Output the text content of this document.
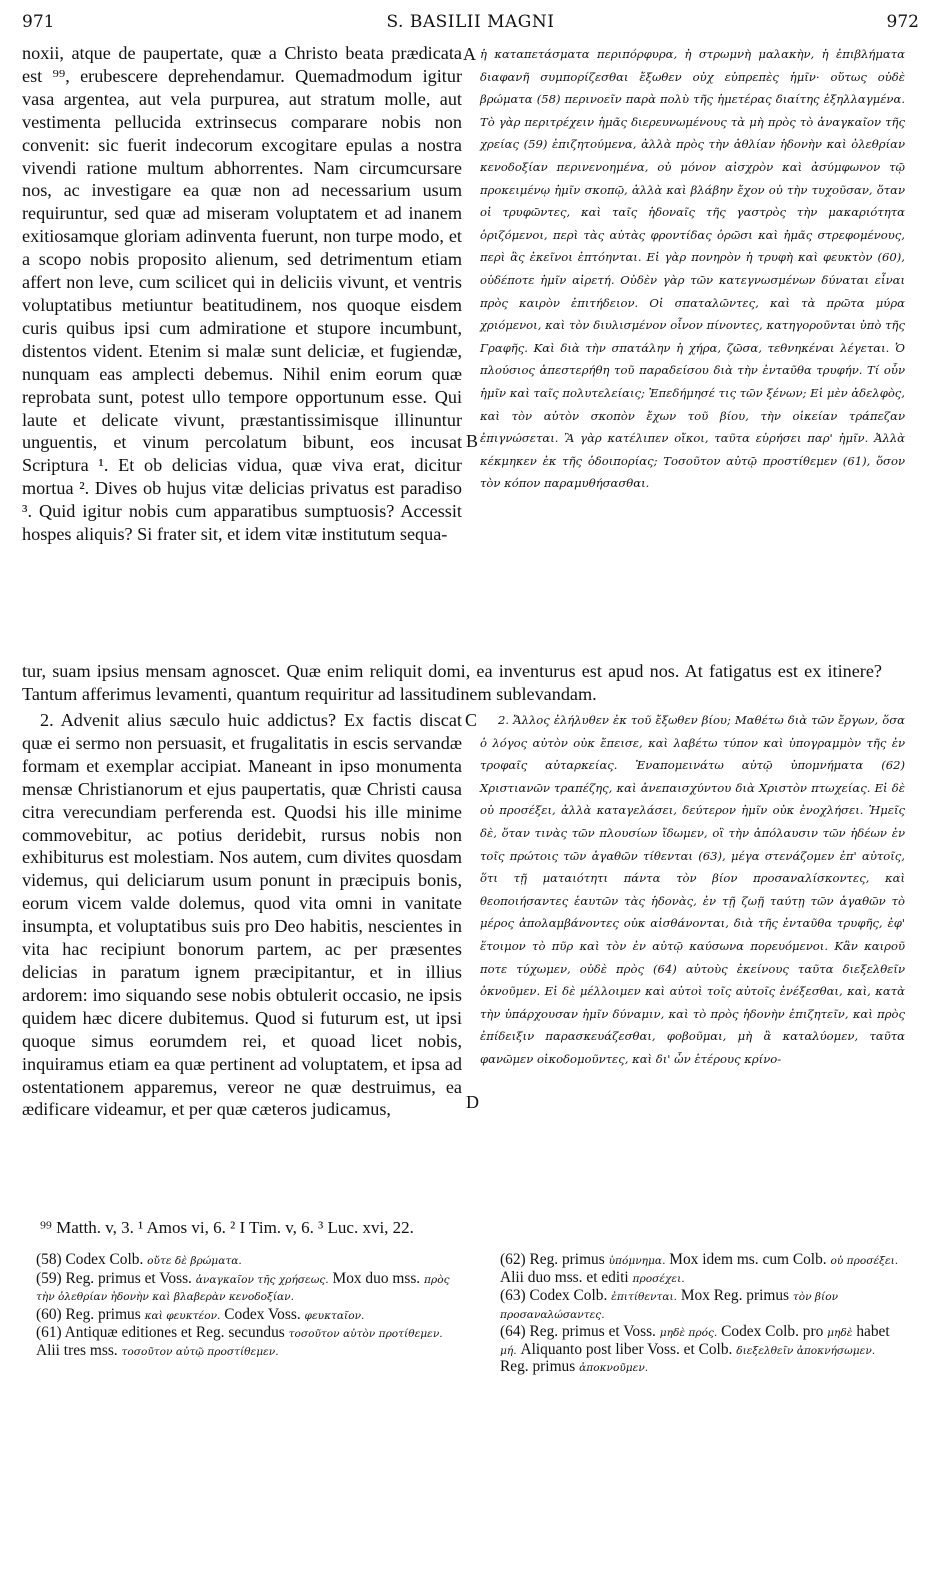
971	S. BASILII MAGNI	972

noxii, atque de paupertate, quæ a Christo beata prædicata est ⁹⁹, erubescere deprehendamur. Quemadmodum igitur vasa argentea, aut vela purpurea, aut stratum molle, aut vestimenta pellucida extrinsecus comparare nobis non convenit: sic fuerit indecorum excogitare epulas a nostra vivendi ratione multum abhorrentes. Nam circumcursare nos, ac investigare ea quæ non ad necessarium usum requiruntur, sed quæ ad miseram voluptatem et ad inanem exitiosamque gloriam adinventa fuerunt, non turpe modo, et a scopo nobis proposito alienum, sed detrimentum etiam affert non leve, cum scilicet qui in deliciis vivunt, et ventris voluptatibus metiuntur beatitudinem, nos quoque eisdem curis quibus ipsi cum admiratione et stupore incumbunt, distentos vident. Etenim si malæ sunt deliciæ, et fugiendæ, nunquam eas amplecti debemus. Nihil enim eorum quæ reprobata sunt, potest ullo tempore opportunum esse. Qui laute et delicate vivunt, præstantissimisque illinuntur unguentis, et vinum percolatum bibunt, eos incusat Scriptura ¹. Et ob delicias vidua, quæ viva erat, dicitur mortua ². Dives ob hujus vitæ delicias privatus est paradiso ³. Quid igitur nobis cum apparatibus sumptuosis? Accessit hospes aliquis? Si frater sit, et idem vitæ institutum sequa-

A ἡ καταπετάσματα περιπόρφυρα, ἡ στρωμνὴ μαλακὴν, ἡ ἐπιβλήματα διαφανῆ συμπορίζεσθαι ἔξωθεν οὐχ εὐπρεπὲς ἡμῖν· οὕτως οὐδὲ βρώματα (58) περινοεῖν παρὰ πολὺ τῆς ἡμετέρας διαίτης ἐξηλλαγμένα. Τὸ γὰρ περιτρέχειν ἡμᾶς διερευνωμένους τὰ μὴ πρὸς τὸ ἀναγκαῖον τῆς χρείας (59) ἐπιζητούμενα, ἀλλὰ πρὸς τὴν ἀθλίαν ἡδονὴν καὶ ὀλεθρίαν κενοδοξίαν περινενοημένα, οὐ μόνον αἰσχρὸν καὶ ἀσύμφωνον τῷ προκειμένῳ ἡμῖν σκοπῷ, ἀλλὰ καὶ βλάβην ἔχον οὐ τὴν τυχοῦσαν, ὅταν οἱ τρυφῶντες, καὶ ταῖς ἡδοναῖς τῆς γαστρὸς τὴν μακαριότητα ὁριζόμενοι, περὶ τὰς αὐτὰς φροντίδας ὁρῶσι καὶ ἡμᾶς στρεφομένους, περὶ ἃς ἐκεῖνοι ἐπτόηνται. Εἰ γὰρ πονηρὸν ἡ τρυφὴ καὶ φευκτὸν (60), οὐδέποτε ἡμῖν αἱρετή. Οὐδὲν γὰρ τῶν κατεγνωσμένων δύναται εἶναι πρὸς καιρὸν ἐπιτήδειον. Οἱ σπαταλῶντες, καὶ τὰ πρῶτα μύρα χριόμενοι, καὶ τὸν διυλισμένον οἶνον πίνοντες, κατηγοροῦνται ὑπὸ τῆς Γραφῆς. Καὶ διὰ τὴν σπατάλην ἡ χήρα, ζῶσα, τεθνηκέναι λέγεται. Ὁ πλούσιος ἀπεστερήθη τοῦ παραδείσου διὰ τὴν ἐνταῦθα τρυφήν. Τί οὖν ἡμῖν καὶ ταῖς πολυτελείαις; Ἐπεδήμησέ τις τῶν ξένων; Εἰ μὲν ἀδελφὸς, καὶ τὸν αὐτὸν σκοπὸν ἔχων τοῦ βίου, τὴν οἰκείαν τράπεζαν ἐπιγνώσεται. Ἃ γὰρ κατέλιπεν οἴκοι, ταῦτα εὑρήσει παρ' ἡμῖν. Ἀλλὰ κέκμηκεν ἐκ τῆς ὁδοιπορίας; Τοσοῦτον αὐτῷ προστίθεμεν (61), ὅσον τὸν κόπον παραμυθήσασθαι.

B

tur, suam ipsius mensam agnoscet. Quæ enim reliquit domi, ea inventurus est apud nos. At fatigatus est ex itinere? Tantum afferimus levamenti, quantum requiritur ad lassitudinem sublevandam.

2. Advenit alius sæculo huic addictus? Ex factis discat quæ ei sermo non persuasit, et frugalitatis in escis servandæ formam et exemplar accipiat. Maneant in ipso monumenta mensæ Christianorum et ejus paupertatis, quæ Christi causa citra verecundiam perferenda est. Quodsi his ille minime commovebitur, ac potius deridebit, rursus nobis non exhibiturus est molestiam. Nos autem, cum divites quosdam videmus, qui deliciarum usum ponunt in præcipuis bonis, eorum vicem valde dolemus, quod vita omni in vanitate insumpta, et voluptatibus suis pro Deo habitis, nescientes in vita hac recipiunt bonorum partem, ac per præsentes delicias in paratum ignem præcipitantur, et in illius ardorem: imo siquando sese nobis obtulerit occasio, ne ipsis quidem hæc dicere dubitemus. Quod si futurum est, ut ipsi quoque simus eorumdem rei, et quoad licet nobis, inquiramus etiam ea quæ pertinent ad voluptatem, et ipsa ad ostentationem apparemus, vereor ne quæ destruimus, ea ædificare videamur, et per quæ cæteros judicamus,

C	2. Ἄλλος ἐλήλυθεν ἐκ τοῦ ἔξωθεν βίου; Μαθέτω διὰ τῶν ἔργων, ὅσα ὁ λόγος αὐτὸν οὐκ ἔπεισε, καὶ λαβέτω τύπον καὶ ὑπογραμμὸν τῆς ἐν τροφαῖς αὐταρκείας. Ἐναπομεινάτω αὐτῷ ὑπομνήματα (62) Χριστιανῶν τραπέζης, καὶ ἀνεπαισχύντου διὰ Χριστὸν πτωχείας. Εἰ δὲ οὐ προσέξει, ἀλλὰ καταγελάσει, δεύτερον ἡμῖν οὐκ ἐνοχλήσει. Ἡμεῖς δὲ, ὅταν τινὰς τῶν πλουσίων ἴδωμεν, οἳ τὴν ἀπόλαυσιν τῶν ἡδέων ἐν τοῖς πρώτοις τῶν ἀγαθῶν τίθενται (63), μέγα στενάζομεν ἐπ' αὐτοῖς, ὅτι τῇ ματαιότητι πάντα τὸν βίον προσαναλίσκοντες, καὶ θεοποιήσαντες ἑαυτῶν τὰς ἡδονὰς, ἐν τῇ ζωῇ ταύτῃ τῶν ἀγαθῶν τὸ μέρος ἀπολαμβάνοντες οὐκ αἰσθάνονται, διὰ τῆς ἐνταῦθα τρυφῆς, ἐφ' ἕτοιμον τὸ πῦρ καὶ τὸν ἐν αὐτῷ καύσωνα πορευόμενοι. Κἂν καιροῦ ποτε τύχωμεν, οὐδὲ πρὸς (64) αὐτοὺς ἐκείνους ταῦτα διεξελθεῖν ὀκνοῦμεν. Εἰ δὲ μέλλοιμεν καὶ αὐτοὶ τοῖς αὐτοῖς ἐνέξεσθαι, καὶ, κατὰ τὴν ὑπάρχουσαν ἡμῖν δύναμιν, καὶ τὸ πρὸς ἡδονὴν ἐπιζητεῖν, καὶ πρὸς ἐπίδειξιν παρασκευάζεσθαι, φοβοῦμαι, μὴ ἃ καταλύομεν, ταῦτα φανῶμεν οἰκοδομοῦντες, καὶ δι' ὧν ἑτέρους κρίνο-

D
⁹⁹ Matth. v, 3. ¹ Amos vi, 6. ² I Tim. v, 6. ³ Luc. xvi, 22.

(58) Codex Colb. οὔτε δὲ βρώματα.

(59) Reg. primus et Voss. ἀναγκαῖον τῆς χρήσεως. Mox duo mss. πρὸς τὴν ὀλεθρίαν ἡδονὴν καὶ βλαβερὰν κενοδοξίαν.

(60) Reg. primus καὶ φευκτέον. Codex Voss. φευκταῖον.

(61) Antiquæ editiones et Reg. secundus τοσοῦτον αὐτὸν προτίθεμεν. Alii tres mss. τοσοῦτον αὐτῷ προστίθεμεν.

(62) Reg. primus ὑπόμνημα. Mox idem ms. cum Colb. οὐ προσέξει. Alii duo mss. et editi προσέχει.

(63) Codex Colb. ἐπιτίθενται. Mox Reg. primus τὸν βίον προσαναλώσαντες.

(64) Reg. primus et Voss. μηδὲ πρός. Codex Colb. pro μηδὲ habet μή. Aliquanto post liber Voss. et Colb. διεξελθεῖν ἀποκνήσωμεν. Reg. primus ἀποκνοῦμεν.
